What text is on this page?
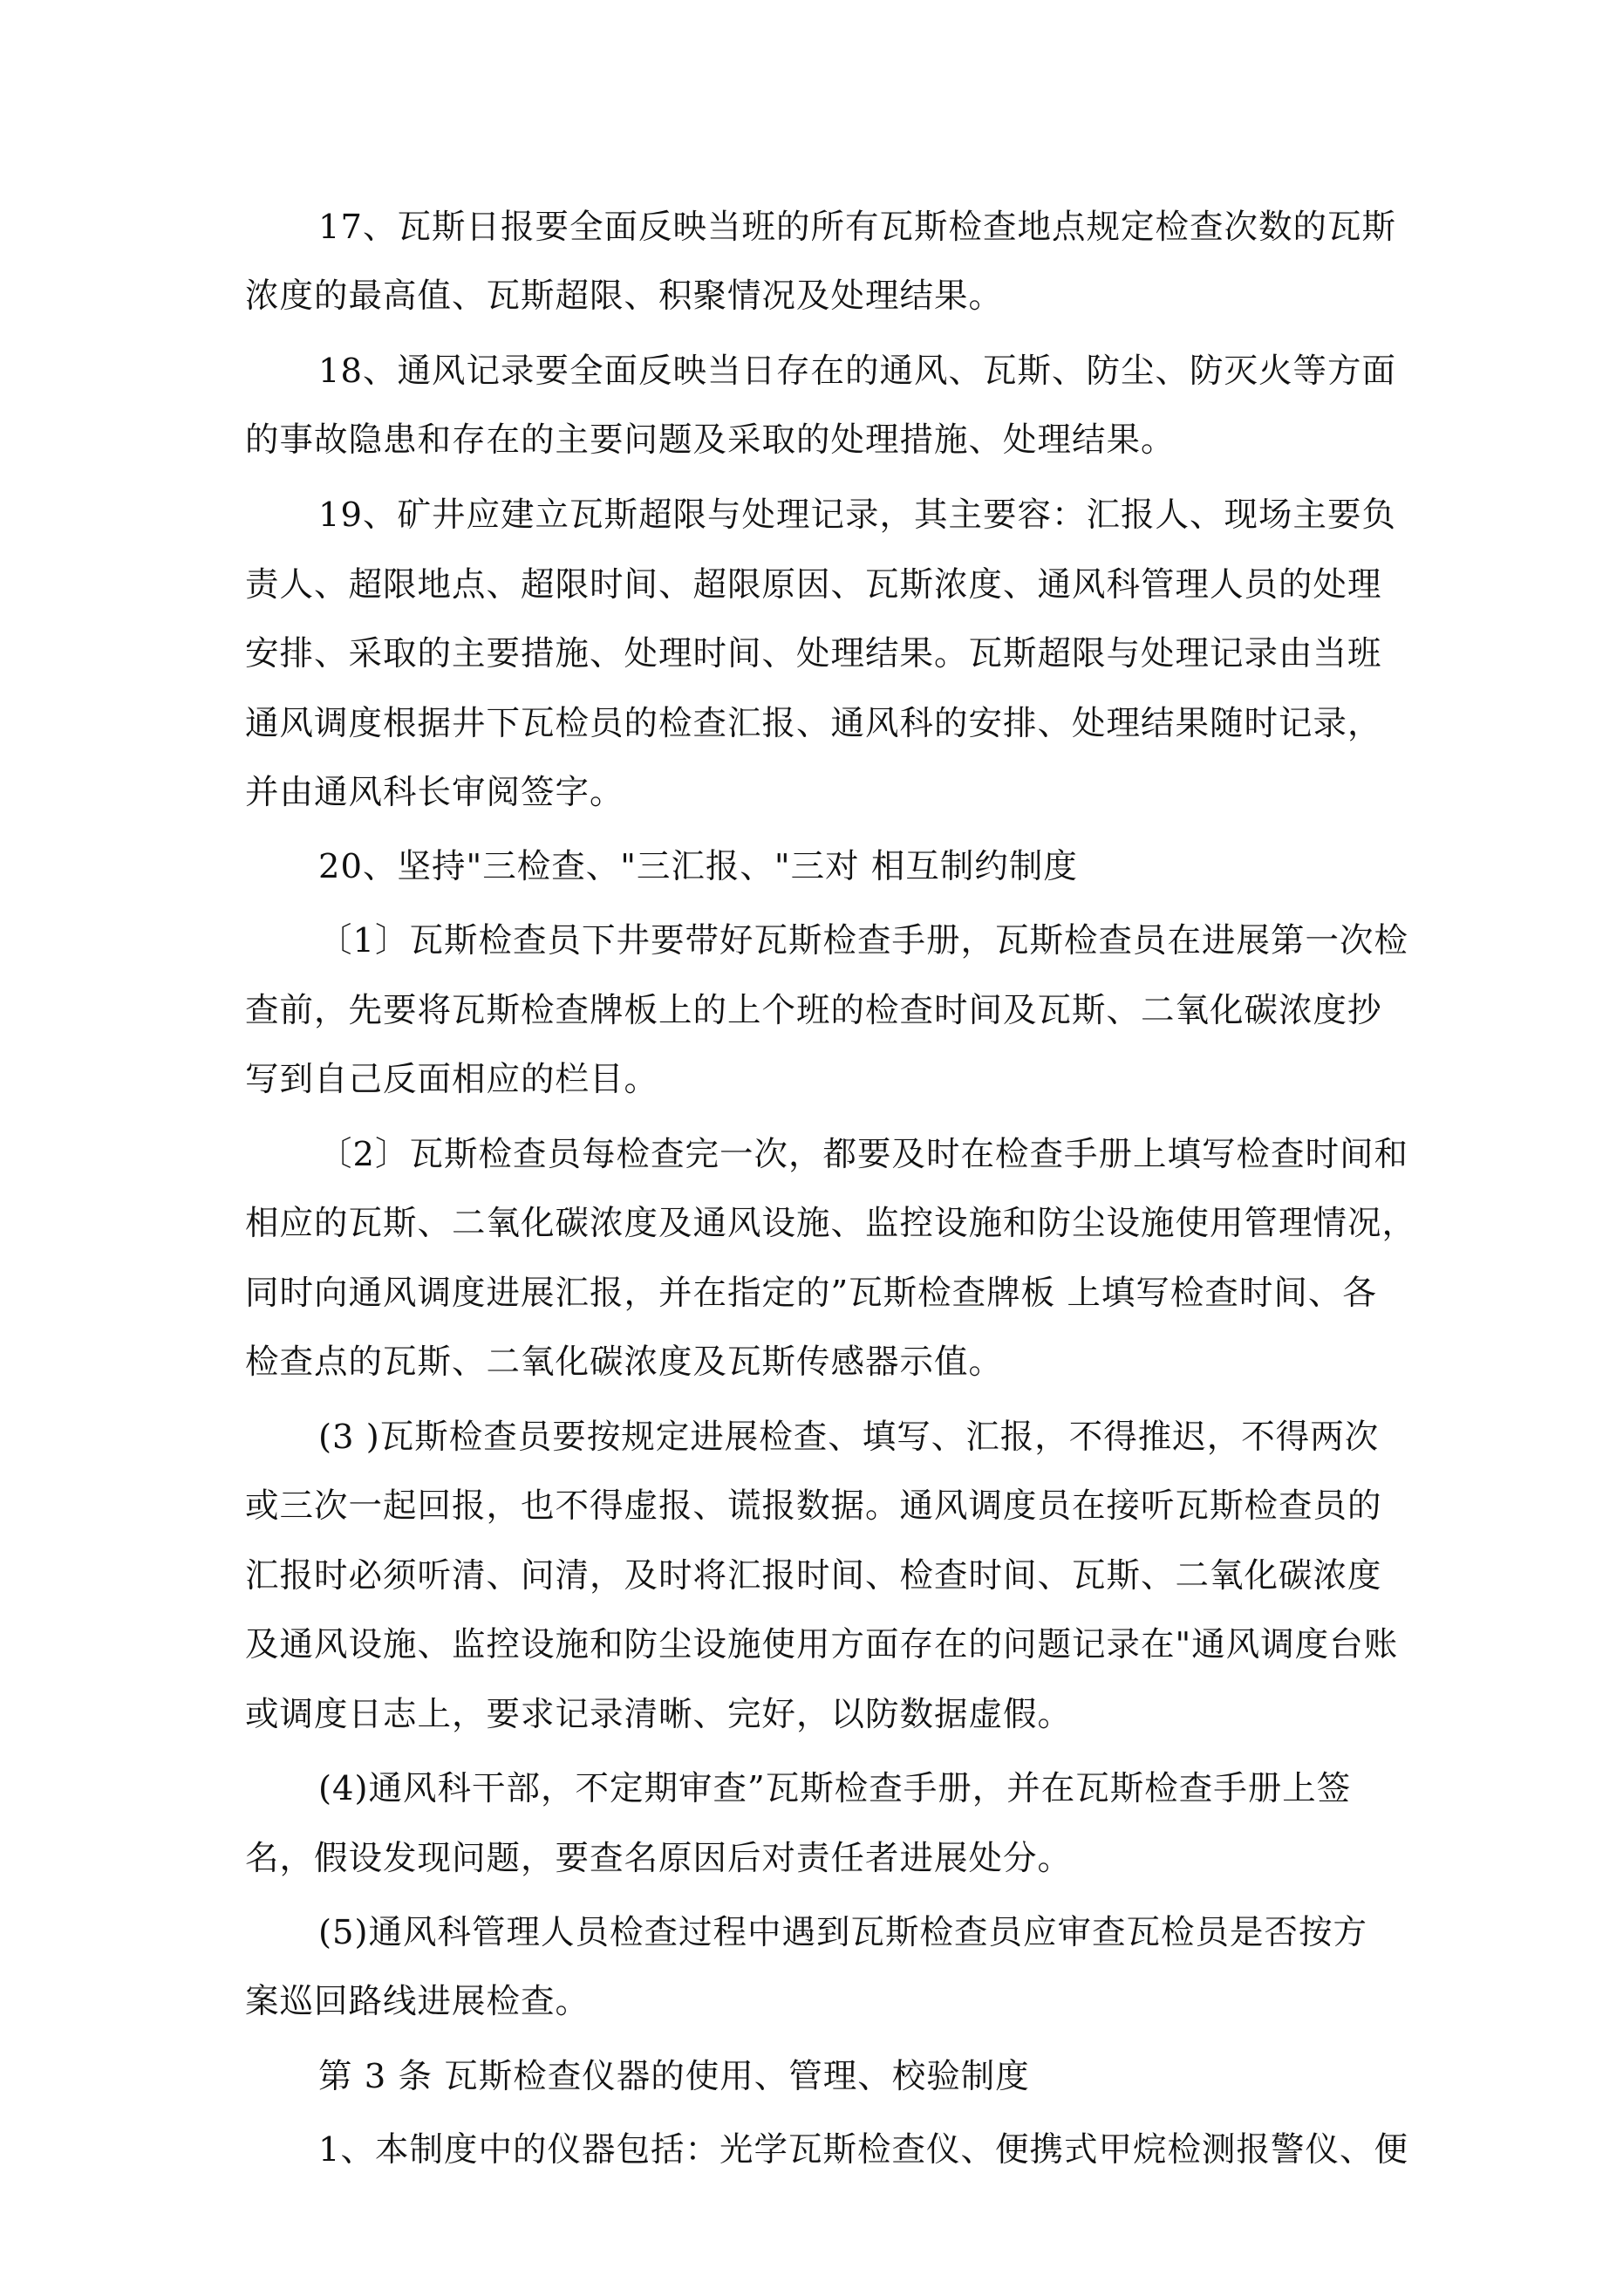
17、瓦斯日报要全面反映当班的所有瓦斯检查地点规定检查次数的瓦斯
浓度的最高值、瓦斯超限、积聚情况及处理结果。
18、通风记录要全面反映当日存在的通风、瓦斯、防尘、防灭火等方面
的事故隐患和存在的主要问题及采取的处理措施、处理结果。
19、矿井应建立瓦斯超限与处理记录，其主要容：汇报人、现场主要负
责人、超限地点、超限时间、超限原因、瓦斯浓度、通风科管理人员的处理
安排、采取的主要措施、处理时间、处理结果。瓦斯超限与处理记录由当班
通风调度根据井下瓦检员的检查汇报、通风科的安排、处理结果随时记录，
并由通风科长审阅签字。
20、坚持"三检查、"三汇报、"三对 相互制约制度
〔1〕瓦斯检查员下井要带好瓦斯检查手册，瓦斯检查员在进展第一次检
查前，先要将瓦斯检查牌板上的上个班的检查时间及瓦斯、二氧化碳浓度抄
写到自己反面相应的栏目。
〔2〕瓦斯检查员每检查完一次，都要及时在检查手册上填写检查时间和
相应的瓦斯、二氧化碳浓度及通风设施、监控设施和防尘设施使用管理情况，
同时向通风调度进展汇报，并在指定的”瓦斯检查牌板 上填写检查时间、各
检查点的瓦斯、二氧化碳浓度及瓦斯传感器示值。
(3 )瓦斯检查员要按规定进展检查、填写、汇报，不得推迟，不得两次
或三次一起回报，也不得虚报、谎报数据。通风调度员在接听瓦斯检查员的
汇报时必须听清、问清，及时将汇报时间、检查时间、瓦斯、二氧化碳浓度
及通风设施、监控设施和防尘设施使用方面存在的问题记录在"通风调度台账
或调度日志上，要求记录清晰、完好，以防数据虚假。
(4)通风科干部，不定期审查”瓦斯检查手册，并在瓦斯检查手册上签
名，假设发现问题，要查名原因后对责任者进展处分。
(5)通风科管理人员检查过程中遇到瓦斯检查员应审查瓦检员是否按方
案巡回路线进展检查。
第 3 条 瓦斯检查仪器的使用、管理、校验制度
1、本制度中的仪器包括：光学瓦斯检查仪、便携式甲烷检测报警仪、便
